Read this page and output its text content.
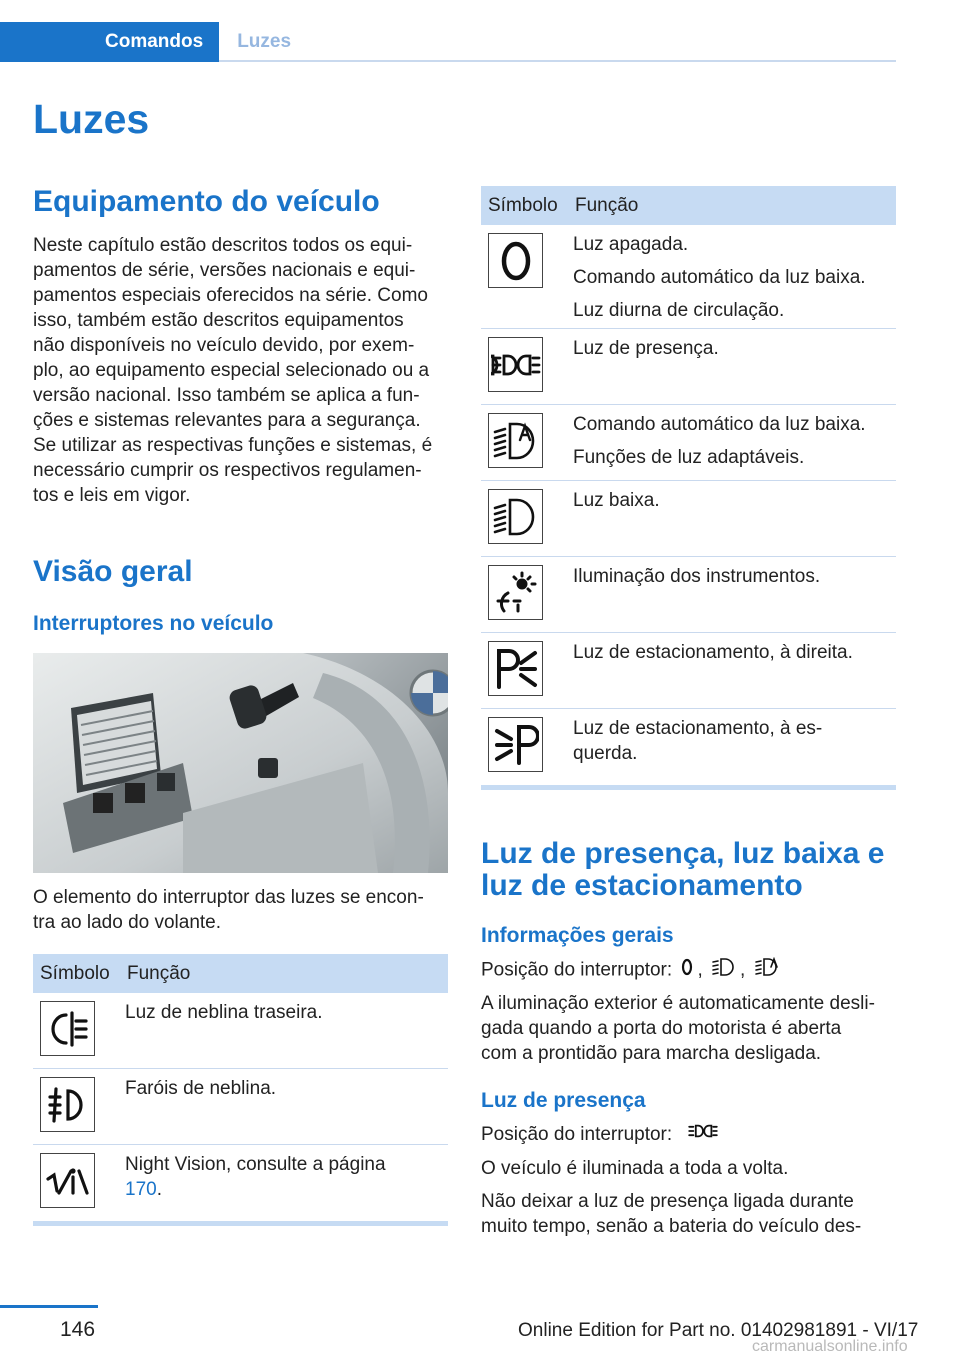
Comandos	Luzes
Luzes
Equipamento do veículo
Neste capítulo estão descritos todos os equi-
pamentos de série, versões nacionais e equi-
pamentos especiais oferecidos na série. Como
isso, também estão descritos equipamentos
não disponíveis no veículo devido, por exem-
plo, ao equipamento especial selecionado ou a
versão nacional. Isso também se aplica a fun-
ções e sistemas relevantes para a segurança.
Se utilizar as respectivas funções e sistemas, é
necessário cumprir os respectivos regulamen-
tos e leis em vigor.
Visão geral
Interruptores no veículo
O elemento do interruptor das luzes se encon-
tra ao lado do volante.
Símbolo Função
Luz de neblina traseira.
Faróis de neblina.
Night Vision, consulte a página
170.
Símbolo Função
Luz apagada.
Comando automático da luz baixa.
Luz diurna de circulação.
Luz de presença.
Comando automático da luz baixa.
Funções de luz adaptáveis.
Luz baixa.
Iluminação dos instrumentos.
Luz de estacionamento, à direita.
Luz de estacionamento, à es-
querda.
Luz de presença, luz baixa e
luz de estacionamento
Informações gerais
Posição do interruptor: , ,
A iluminação exterior é automaticamente desli-
gada quando a porta do motorista é aberta
com a prontidão para marcha desligada.
Luz de presença
Posição do interruptor:
O veículo é iluminada a toda a volta.
Não deixar a luz de presença ligada durante
muito tempo, senão a bateria do veículo des-
146	Online Edition for Part no. 01402981891 - VI/17
carmanualsonline.info
